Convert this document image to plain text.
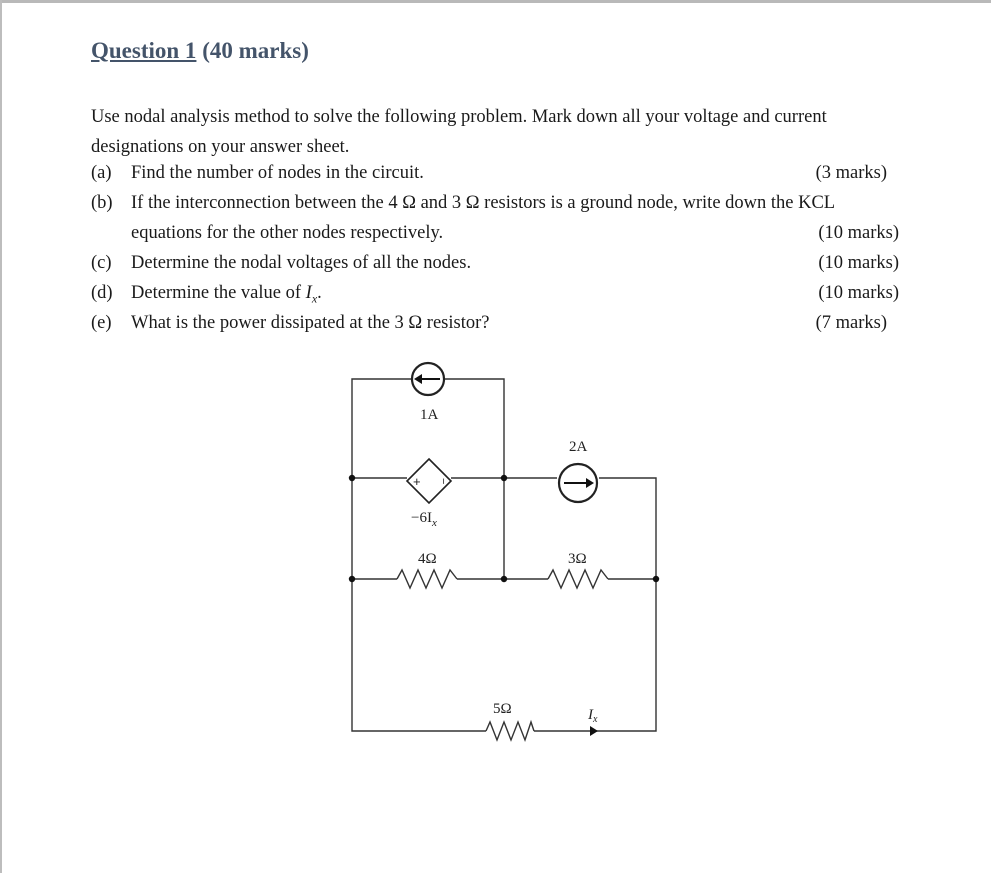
Question 1 (40 marks)
Use nodal analysis method to solve the following problem. Mark down all your voltage and current designations on your answer sheet.
(a) Find the number of nodes in the circuit.	(3 marks)
(b) If the interconnection between the 4 Ω and 3 Ω resistors is a ground node, write down the KCL
equations for the other nodes respectively.	(10 marks)
(c) Determine the nodal voltages of all the nodes.	(10 marks)
(d) Determine the value of $I_x$.	(10 marks)
(e) What is the power dissipated at the 3 Ω resistor?	(7 marks)
1A
2A
+ −
$-6I_x$
4Ω	3Ω
5Ω	$I_x$
